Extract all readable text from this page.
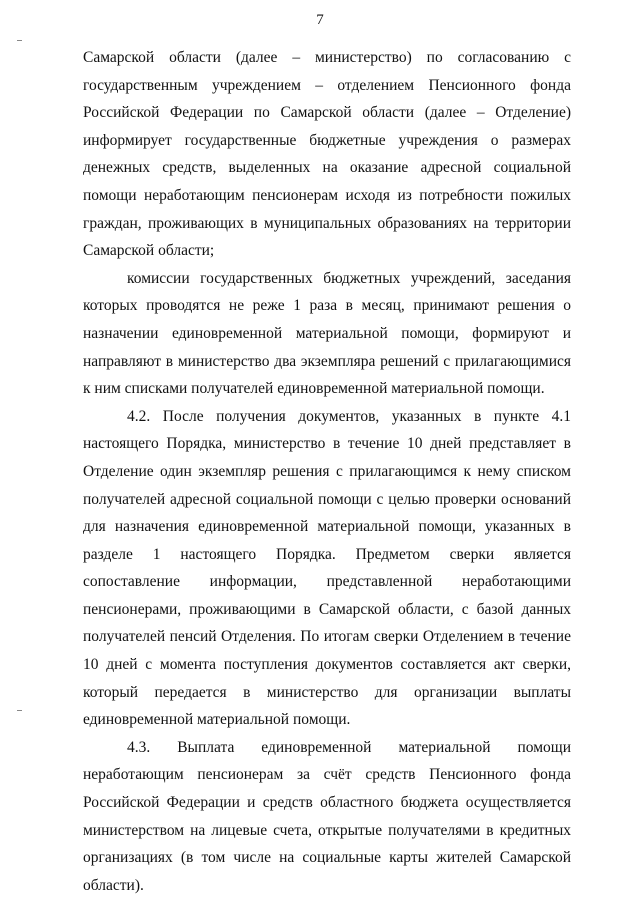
7

Самарской области (далее – министерство) по согласованию с государственным учреждением – отделением Пенсионного фонда Российской Федерации по Самарской области (далее – Отделение) информирует государственные бюджетные учреждения о размерах денежных средств, выделенных на оказание адресной социальной помощи неработающим пенсионерам исходя из потребности пожилых граждан, проживающих в муниципальных образованиях на территории Самарской области;

комиссии государственных бюджетных учреждений, заседания которых проводятся не реже 1 раза в месяц, принимают решения о назначении единовременной материальной помощи, формируют и направляют в министерство два экземпляра решений с прилагающимися к ним списками получателей единовременной материальной помощи.

4.2. После получения документов, указанных в пункте 4.1 настоящего Порядка, министерство в течение 10 дней представляет в Отделение один экземпляр решения с прилагающимся к нему списком получателей адресной социальной помощи с целью проверки оснований для назначения единовременной материальной помощи, указанных в разделе 1 настоящего Порядка. Предметом сверки является сопоставление информации, представленной неработающими пенсионерами, проживающими в Самарской области, с базой данных получателей пенсий Отделения. По итогам сверки Отделением в течение 10 дней с момента поступления документов составляется акт сверки, который передается в министерство для организации выплаты единовременной материальной помощи.

4.3. Выплата единовременной материальной помощи неработающим пенсионерам за счёт средств Пенсионного фонда Российской Федерации и средств областного бюджета осуществляется министерством на лицевые счета, открытые получателями в кредитных организациях (в том числе на социальные карты жителей Самарской области).
